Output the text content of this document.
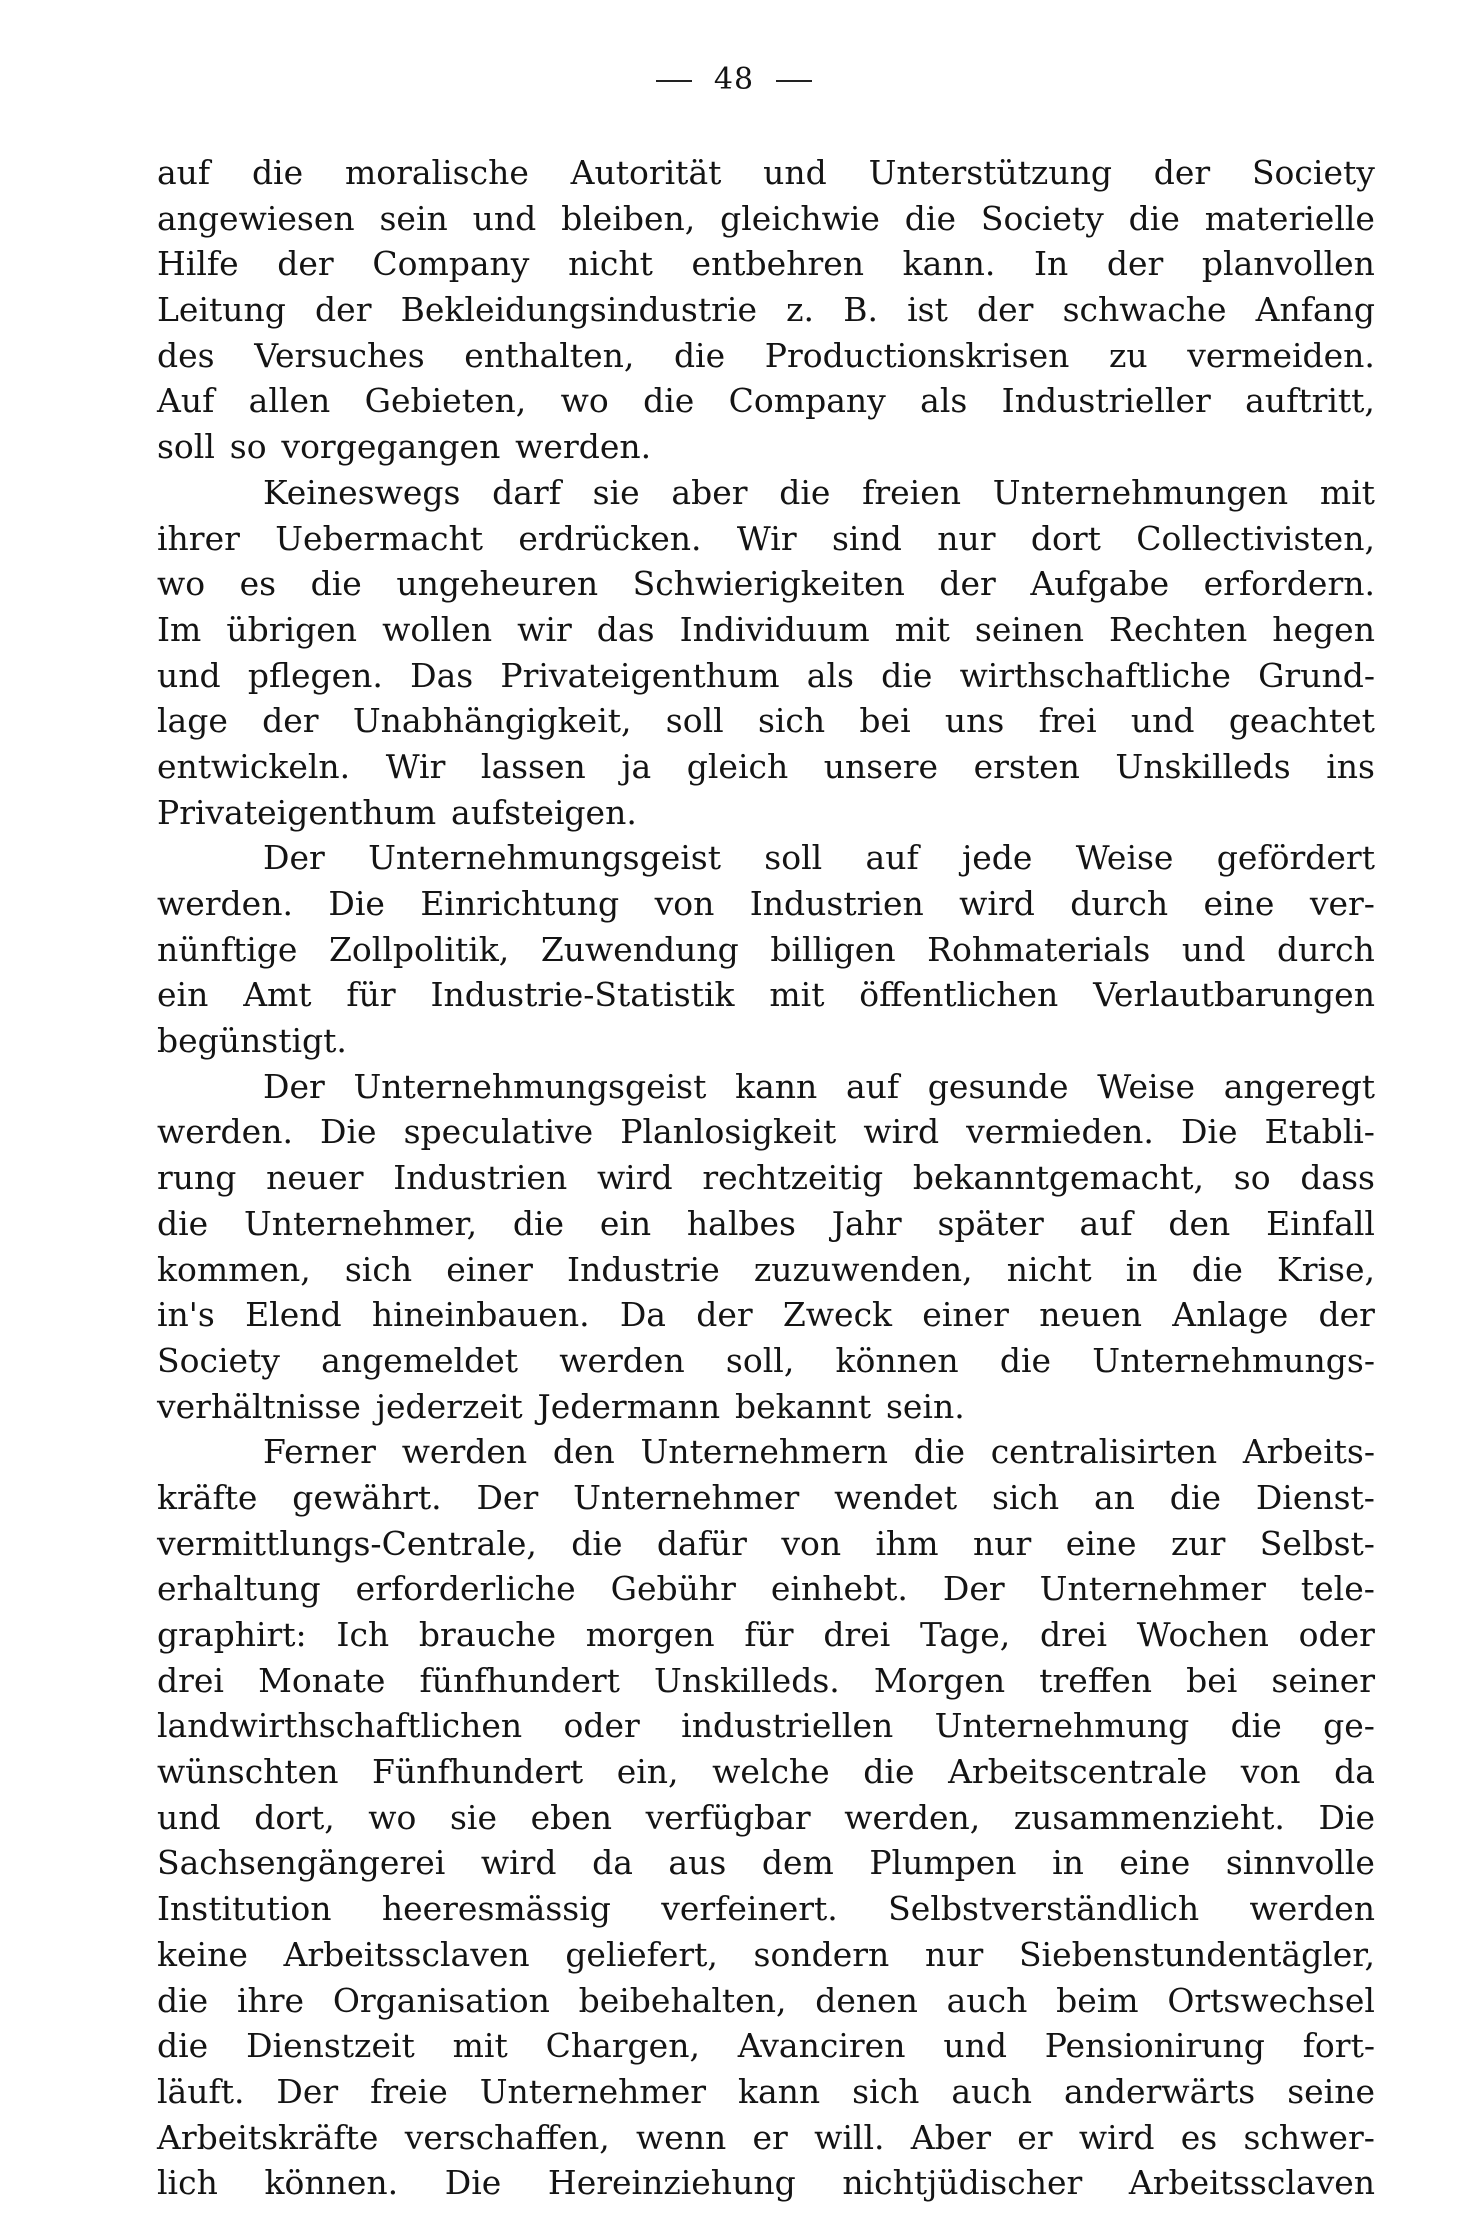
48
auf die moralische Autorität und Unterstützung der Society
angewiesen sein und bleiben, gleichwie die Society die materielle
Hilfe der Company nicht entbehren kann. In der planvollen
Leitung der Bekleidungsindustrie z. B. ist der schwache Anfang
des Versuches enthalten, die Productionskrisen zu vermeiden.
Auf allen Gebieten, wo die Company als Industrieller auftritt,
soll so vorgegangen werden.
Keineswegs darf sie aber die freien Unternehmungen mit
ihrer Uebermacht erdrücken. Wir sind nur dort Collectivisten,
wo es die ungeheuren Schwierigkeiten der Aufgabe erfordern.
Im übrigen wollen wir das Individuum mit seinen Rechten hegen
und pflegen. Das Privateigenthum als die wirthschaftliche Grund-
lage der Unabhängigkeit, soll sich bei uns frei und geachtet
entwickeln. Wir lassen ja gleich unsere ersten Unskilleds ins
Privateigenthum aufsteigen.
Der Unternehmungsgeist soll auf jede Weise gefördert
werden. Die Einrichtung von Industrien wird durch eine ver-
nünftige Zollpolitik, Zuwendung billigen Rohmaterials und durch
ein Amt für Industrie-Statistik mit öffentlichen Verlautbarungen
begünstigt.
Der Unternehmungsgeist kann auf gesunde Weise angeregt
werden. Die speculative Planlosigkeit wird vermieden. Die Etabli-
rung neuer Industrien wird rechtzeitig bekanntgemacht, so dass
die Unternehmer, die ein halbes Jahr später auf den Einfall
kommen, sich einer Industrie zuzuwenden, nicht in die Krise,
in's Elend hineinbauen. Da der Zweck einer neuen Anlage der
Society angemeldet werden soll, können die Unternehmungs-
verhältnisse jederzeit Jedermann bekannt sein.
Ferner werden den Unternehmern die centralisirten Arbeits-
kräfte gewährt. Der Unternehmer wendet sich an die Dienst-
vermittlungs-Centrale, die dafür von ihm nur eine zur Selbst-
erhaltung erforderliche Gebühr einhebt. Der Unternehmer tele-
graphirt: Ich brauche morgen für drei Tage, drei Wochen oder
drei Monate fünfhundert Unskilleds. Morgen treffen bei seiner
landwirthschaftlichen oder industriellen Unternehmung die ge-
wünschten Fünfhundert ein, welche die Arbeitscentrale von da
und dort, wo sie eben verfügbar werden, zusammenzieht. Die
Sachsengängerei wird da aus dem Plumpen in eine sinnvolle
Institution heeresmässig verfeinert. Selbstverständlich werden
keine Arbeitssclaven geliefert, sondern nur Siebenstundentägler,
die ihre Organisation beibehalten, denen auch beim Ortswechsel
die Dienstzeit mit Chargen, Avanciren und Pensionirung fort-
läuft. Der freie Unternehmer kann sich auch anderwärts seine
Arbeitskräfte verschaffen, wenn er will. Aber er wird es schwer-
lich können. Die Hereinziehung nichtjüdischer Arbeitssclaven
